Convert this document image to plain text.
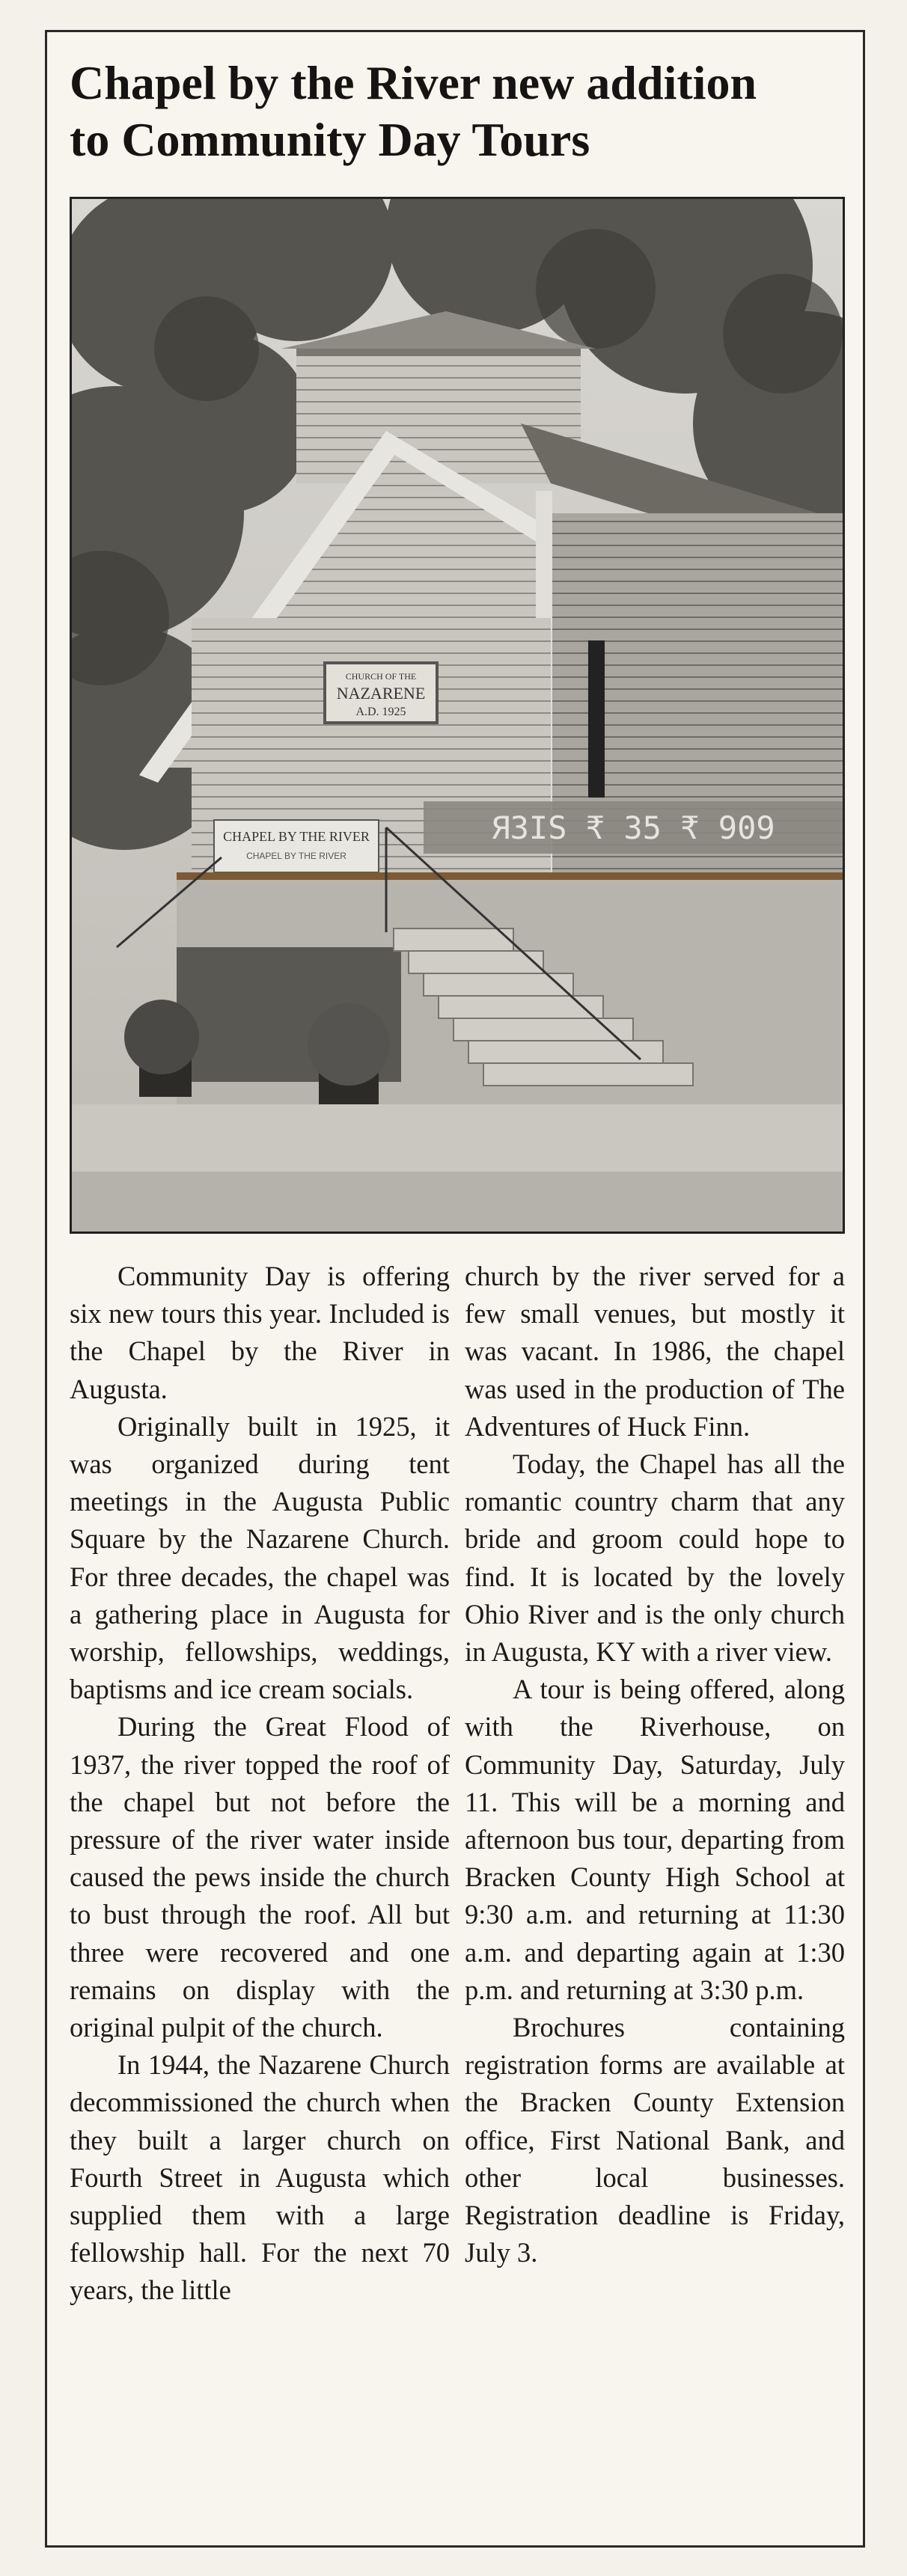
Chapel by the River new addition
to Community Day Tours
CHURCH OF THE
NAZARENE
A.D. 1925
ЯЗІS ₹ 35 ₹ 909
CHAPEL BY THE RIVER
CHAPEL BY THE RIVER

Community Day is offering six new tours this year. Included is the Chapel by the River in Augusta.

Originally built in 1925, it was organized during tent meetings in the Augusta Public Square by the Nazarene Church. For three decades, the chapel was a gathering place in Augusta for worship, fellowships, weddings, baptisms and ice cream socials.

During the Great Flood of 1937, the river topped the roof of the chapel but not before the pressure of the river water inside caused the pews inside the church to bust through the roof. All but three were recovered and one remains on display with the original pulpit of the church.

In 1944, the Nazarene Church decommissioned the church when they built a larger church on Fourth Street in Augusta which supplied them with a large fellowship hall. For the next 70 years, the little

church by the river served for a few small venues, but mostly it was vacant. In 1986, the chapel was used in the production of The Adventures of Huck Finn.

Today, the Chapel has all the romantic country charm that any bride and groom could hope to find. It is located by the lovely Ohio River and is the only church in Augusta, KY with a river view.

A tour is being offered, along with the Riverhouse, on Community Day, Saturday, July 11. This will be a morning and afternoon bus tour, departing from Bracken County High School at 9:30 a.m. and returning at 11:30 a.m. and departing again at 1:30 p.m. and returning at 3:30 p.m.

Brochures containing registration forms are available at the Bracken County Extension office, First National Bank, and other local businesses. Registration deadline is Friday, July 3.
